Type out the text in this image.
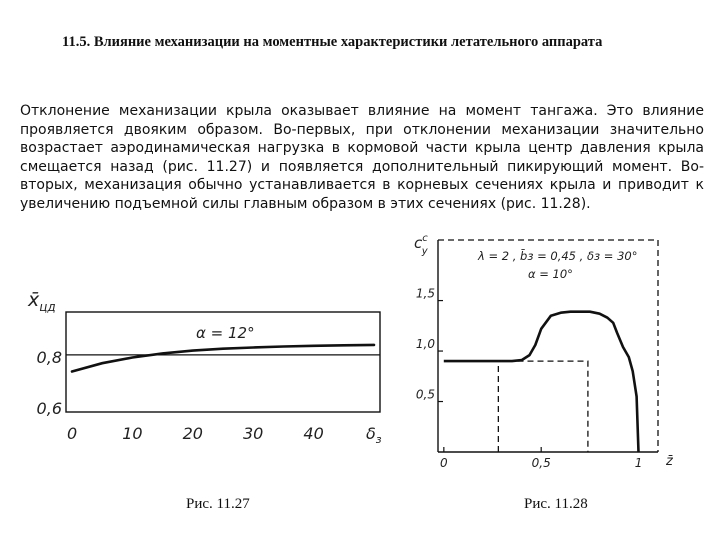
11.5. Влияние механизации на моментные характеристики летательного аппарата

Отклонение механизации крыла оказывает влияние на момент тангажа. Это влияние проявляется двояким образом. Во-первых, при отклонении механизации значительно возрастает аэродинамическая нагрузка в кормовой части крыла центр давления крыла смещается назад (рис. 11.27) и появляется дополнительный пикирующий момент. Во-вторых, механизация обычно устанавливается в корневых сечениях крыла и приводит к увеличению подъемной силы главным образом в этих сечениях (рис. 11.28).

$x̄_{цд}$
α = 12°
0	10	20	30	40
0,8
0,6
$\delta_з$
$c^с$ y	λ = 2 , b̄з = 0,45 , δз = 30°
α = 10°
0,5
1,0
1,5
0	0,5	1 z̄

Рис. 11.27	Рис. 11.28
